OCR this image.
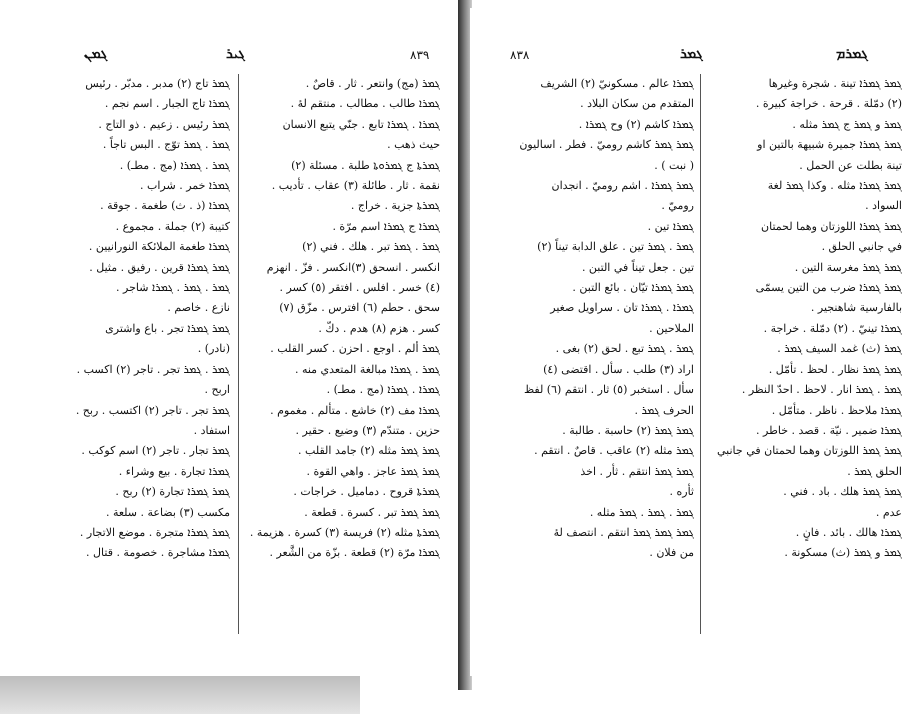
ܓܡܢ	ܓܝܪ	٨٣٩
ܓܡܪ تاج (٢) مدبر . مدبّر . رئيس
ܓܡܪܐ تاج الجبار . اسم نجم .
ܓܡܪ رئيس . زعيم . ذو التاج .
ܓܡܪ . ܓܡܪ توّج . البس تاجاً .
ܓܡܪ . ܓܡܪܐ (مج . مطـ) .
ܓܡܪܐ خمر . شراب .
ܓܡܪܐ (ذ . ث) طغمة . جوقة .
كتيبة (٢) جملة . مجموع .
ܓܡܪܐ طغمة الملائكة النورانيين .
ܓܡܪ ܓܡܪܐ قرين . رفيق . مثيل .
ܓܡܪ . ܓܡܪ . ܓܡܪܐ شاجر .
نازع . خاصم .
ܓܡܪ ܓܡܪܐ تجر . باع واشترى
(نادر) .
ܓܡܪ . ܓܡܪ تجر . تاجر (٢) اكسب .
اربح .
ܓܡܪ تجر . تاجر (٢) اكتسب . ربح .
استفاد .
ܓܡܪ تجار . تاجر (٢) اسم كوكب .
ܓܡܪܐ تجارة . بيع وشراء .
ܓܡܪ ܓܡܪܐ تجارة (٢) ربح .
مكسب (٣) بضاعة . سلعة .
ܓܡܪ ܓܡܪܐ متجرة . موضع الاتجار .
ܓܡܪܐ مشاجرة . خصومة . قتال .
ܓܡܪ (مج) وانتعر . ثار . قاصٌ .
ܓܡܪܐ طالب . مطالب . منتقم لهٔ .
ܓܡܪܐ . ܓܡܪܐ تابع . جنّي يتبع الانسان
حيث ذهب .
ܓܡܪܬܐ ج ܓܡܪܘܬܐ طلبة . مسئلة (٢)
نقمة . ثار . طائلة (٣) عقاب . تأديب .
ܓܡܪܬܐ جزية . خراج .
ܓܡܪܐ ج ܓܡܪܐ اسم مرّة .
ܓܡܪ . ܓܡܪ تبر . هلك . فني (٢)
انكسر . انسحق (٣)انكسر . فزّ . انهزم
(٤) خسر . افلس . افتقر (٥) كسر .
سحق . حطم (٦) افترس . مزّق (٧)
كسر . هزم (٨) هدم . دكّ .
ܓܡܪ ألم . اوجع . احزن . كسر القلب .
ܓܡܪ . ܓܡܪܐ مبالغة المتعدي منه .
ܓܡܪܐ . ܓܡܪܐ (مج . مطـ) .
ܓܡܪܐ مف (٢) خاشع . متألم . مغموم .
حزين . متندّم (٣) وضيع . حقير .
ܓܡܪ ܓܡܪ مثله (٢) جامد القلب .
ܓܡܪ ܓܡܪ عاجز . واهي القوة .
ܓܡܪܬܐ قروح . دماميل . خراجات .
ܓܡܪ ܓܡܪ تبر . كسرة . قطعة .
ܓܡܪܬܐ مثله (٢) فريسة (٣) كسرة . هزيمة .
ܓܡܪܐ مرّة (٢) قطعة . بزّة من الشَّعر .
٨٣٨	ܓܡܪ	ܓܡܪܡ
ܓܡܪܐ عالم . مسكونيّ (٢) الشريف
المتقدم من سكان البلاد .
ܓܡܪܐ كاشم (٢) وح ܓܡܪܐ .
ܓܡܪ ܓܡܪ كاشم روميّ . فطر . اساليون
( نبت ) .
ܓܡܪ ܓܡܪܐ . اشم روميّ . انجدان
روميّ .
ܓܡܪܐ تين .
ܓܡܪ . ܓܡܪ تين . علق الدابة تيناً (٢)
تين . جعل تيناً في التبن .
ܓܡܪ ܓܡܪܐ تيّان . بائع التبن .
ܓܡܪܐ . ܓܡܪܐ تان . سراويل صغير
الملاحين .
ܓܡܪ . ܓܡܪ تبع . لحق (٢) بغى .
اراد (٣) طلب . سأل . اقتضى (٤)
سأل . استخبر (٥) ثار . انتقم (٦) لفظ
الحرف ܓܡܪ .
ܓܡܪ ܓܡܪ (٢) حاسبة . طالبة .
ܓܡܪ مثله (٢) عاقب . قاصٌ . انتقم .
ܓܡܪ ܓܡܪ انتقم . ثأر . اخذ
ثأره .
ܓܡܪ . ܓܡܪ . ܓܡܪ مثله .
ܓܡܪ ܓܡܪ ܓܡܪ انتقم . انتصف لهٔ
من فلان .
ܓܡܪ ܓܡܪܐ تينة . شجرة وغيرها
(٢) دمّلة . قرحة . خراجة كبيرة .
ܓܡܪ و ܓܡܪ ج ܓܡܪ مثله .
ܓܡܪ ܓܡܪܐ جميرة شبيهة بالتين او
تينة بطلت عن الحمل .
ܓܡܪ ܓܡܪܐ مثله . وكذا ܓܡܪ لغة
السواد .
ܓܡܪ ܓܡܪܐ اللوزتان وهما لحمتان
في جانبي الحلق .
ܓܡܪ ܓܡܪ مغرسة التين .
ܓܡܪ ܓܡܪܐ ضرب من التين يسمّى
بالفارسية شاهنجير .
ܓܡܪܐ تينيّ . (٢) دمّلة . خراجة .
ܓܡܪ (ث) غمد السيف ܓܡܪ .
ܓܡܪ ܓܡܪ نظار . لحظ . تأمّل .
ܓܡܪ . ܓܡܪ انار . لاحظ . احدّ النظر .
ܓܡܪܐ ملاحظ . ناظر . متأمّل .
ܓܡܪܐ ضمير . نيّة . قصد . خاطر .
ܓܡܪ ܓܡܪ اللوزتان وهما لحمتان في جانبي
الحلق ܓܡܪ .
ܓܡܪ ܓܡܪ هلك . باد . فني .
عدم .
ܓܡܪܐ هالك . بائد . فانٍ .
ܓܡܪ و ܓܡܪ (ث) مسكونة .
